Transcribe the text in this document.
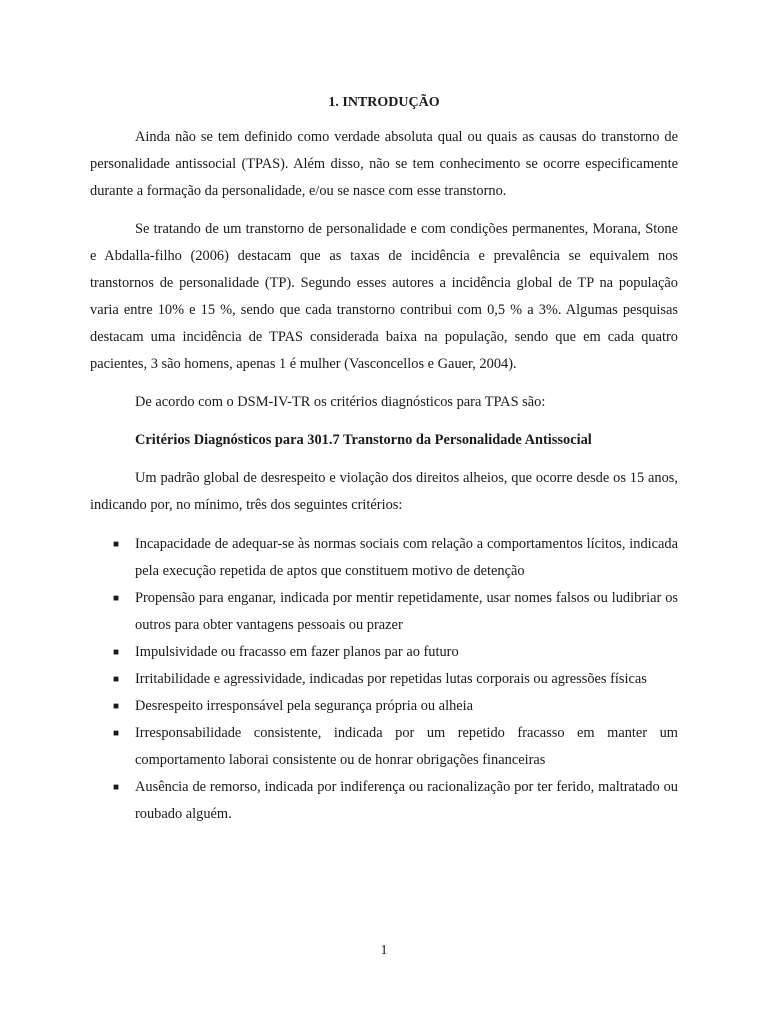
1. INTRODUÇÃO

Ainda não se tem definido como verdade absoluta qual ou quais as causas do transtorno de personalidade antissocial (TPAS). Além disso, não se tem conhecimento se ocorre especificamente durante a formação da personalidade, e/ou se nasce com esse transtorno.

Se tratando de um transtorno de personalidade e com condições permanentes, Morana, Stone e Abdalla-filho (2006) destacam que as taxas de incidência e prevalência se equivalem nos transtornos de personalidade (TP). Segundo esses autores a incidência global de TP na população varia entre 10% e 15 %, sendo que cada transtorno contribui com 0,5 % a 3%. Algumas pesquisas destacam uma incidência de TPAS considerada baixa na população, sendo que em cada quatro pacientes, 3 são homens, apenas 1 é mulher (Vasconcellos e Gauer, 2004).

De acordo com o DSM-IV-TR os critérios diagnósticos para TPAS são:

Critérios Diagnósticos para 301.7 Transtorno da Personalidade Antissocial

Um padrão global de desrespeito e violação dos direitos alheios, que ocorre desde os 15 anos, indicando por, no mínimo, três dos seguintes critérios:

■ Incapacidade de adequar-se às normas sociais com relação a comportamentos lícitos, indicada pela execução repetida de aptos que constituem motivo de detenção
■ Propensão para enganar, indicada por mentir repetidamente, usar nomes falsos ou ludibriar os outros para obter vantagens pessoais ou prazer
■ Impulsividade ou fracasso em fazer planos par ao futuro
■ Irritabilidade e agressividade, indicadas por repetidas lutas corporais ou agressões físicas
■ Desrespeito irresponsável pela segurança própria ou alheia
■ Irresponsabilidade consistente, indicada por um repetido fracasso em manter um comportamento laborai consistente ou de honrar obrigações financeiras
■ Ausência de remorso, indicada por indiferença ou racionalização por ter ferido, maltratado ou roubado alguém.
1
